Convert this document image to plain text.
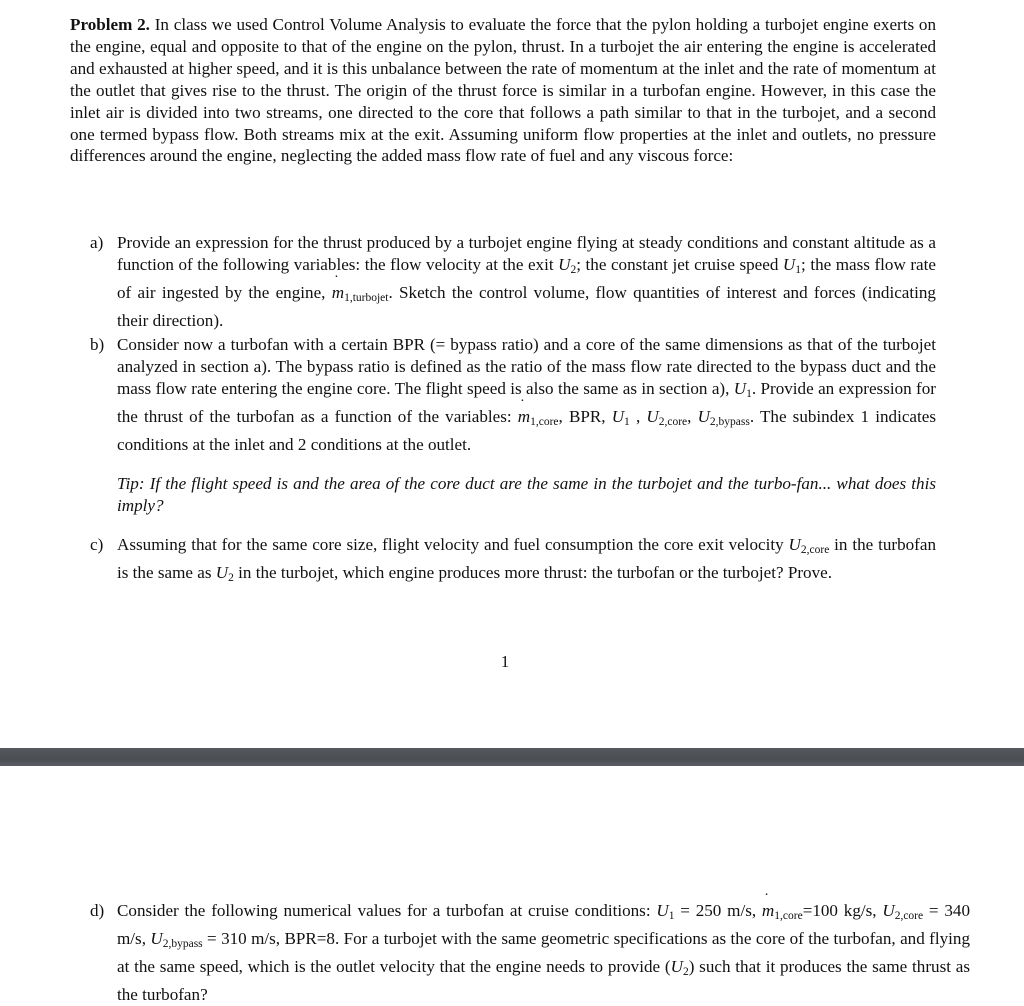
Problem 2. In class we used Control Volume Analysis to evaluate the force that the pylon holding a turbojet engine exerts on the engine, equal and opposite to that of the engine on the pylon, thrust. In a turbojet the air entering the engine is accelerated and exhausted at higher speed, and it is this unbalance between the rate of momentum at the inlet and the rate of momentum at the outlet that gives rise to the thrust. The origin of the thrust force is similar in a turbofan engine. However, in this case the inlet air is divided into two streams, one directed to the core that follows a path similar to that in the turbojet, and a second one termed bypass flow. Both streams mix at the exit. Assuming uniform flow properties at the inlet and outlets, no pressure differences around the engine, neglecting the added mass flow rate of fuel and any viscous force:

a) Provide an expression for the thrust produced by a turbojet engine flying at steady conditions and constant altitude as a function of the following variables: the flow velocity at the exit $U_2$; the constant jet cruise speed $U_1$; the mass flow rate of air ingested by the engine, ˙ $m_{1,turbojet}$. Sketch the control volume, flow quantities of interest and forces (indicating their direction).

b) Consider now a turbofan with a certain BPR (= bypass ratio) and a core of the same dimensions as that of the turbojet analyzed in section a). The bypass ratio is defined as the ratio of the mass flow rate directed to the bypass duct and the mass flow rate entering the engine core. The flight speed is also the same as in section a), $U_1$. Provide an expression for the thrust of the turbofan as a function of the variables: ˙ $m_{1,core}$, BPR, $U_1$ , $U_{2,core}$, $U_{2,bypass}$. The subindex 1 indicates conditions at the inlet and 2 conditions at the outlet.

Tip: If the flight speed is and the area of the core duct are the same in the turbojet and the turbo-fan... what does this imply?

c) Assuming that for the same core size, flight velocity and fuel consumption the core exit velocity $U_{2,core}$ in the turbofan is the same as $U_2$ in the turbojet, which engine produces more thrust: the turbofan or the turbojet? Prove.

1
d) Consider the following numerical values for a turbofan at cruise conditions: $U_1 = 250$ m/s, ˙ $m_{1,core}=100$ kg/s, $U_{2,core} = 340$ m/s, $U_{2,bypass} = 310$ m/s, BPR=8. For a turbojet with the same geometric specifications as the core of the turbofan, and flying at the same speed, which is the outlet velocity that the engine needs to provide $(U_2)$ such that it produces the same thrust as the turbofan?
